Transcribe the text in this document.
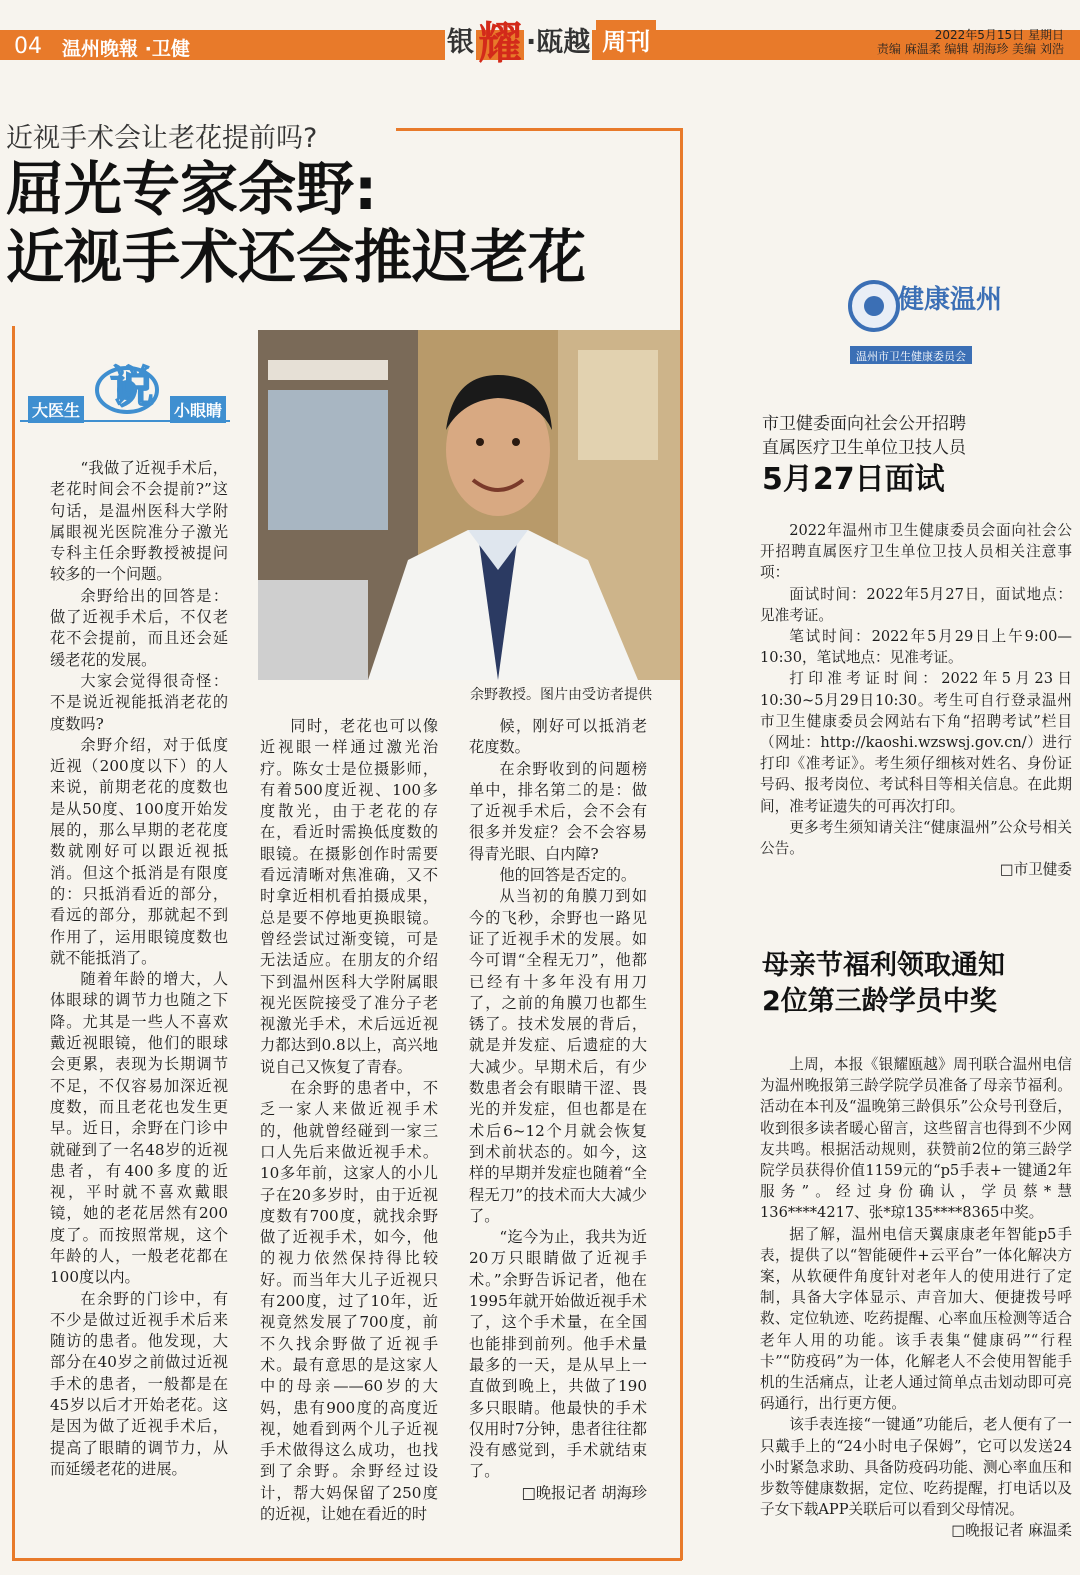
04 温州晚報 ·卫健	银 耀 ·瓯越 周刊	2022年5月15日 星期日
责编 麻温柔 编辑 胡海珍 美编 刘浩
近视手术会让老花提前吗?
屈光专家余野:
近视手术还会推迟老花
说
大医生	小眼睛
余野教授。图片由受访者提供

“我做了近视手术后，老花时间会不会提前?”这句话，是温州医科大学附属眼视光医院准分子激光专科主任余野教授被提问较多的一个问题。

余野给出的回答是：做了近视手术后，不仅老花不会提前，而且还会延缓老花的发展。

大家会觉得很奇怪：不是说近视能抵消老花的度数吗?

余野介绍，对于低度近视（200度以下）的人来说，前期老花的度数也是从50度、100度开始发展的，那么早期的老花度数就刚好可以跟近视抵消。但这个抵消是有限度的：只抵消看近的部分，看远的部分，那就起不到作用了，运用眼镜度数也就不能抵消了。

随着年龄的增大，人体眼球的调节力也随之下降。尤其是一些人不喜欢戴近视眼镜，他们的眼球会更累，表现为长期调节不足，不仅容易加深近视度数，而且老花也发生更早。近日，余野在门诊中就碰到了一名48岁的近视患者，有400多度的近视，平时就不喜欢戴眼镜，她的老花居然有200度了。而按照常规，这个年龄的人，一般老花都在100度以内。

在余野的门诊中，有不少是做过近视手术后来随访的患者。他发现，大部分在40岁之前做过近视手术的患者，一般都是在45岁以后才开始老花。这是因为做了近视手术后，提高了眼睛的调节力，从而延缓老花的进展。

同时，老花也可以像近视眼一样通过激光治疗。陈女士是位摄影师，有着500度近视、100多度散光，由于老花的存在，看近时需换低度数的眼镜。在摄影创作时需要看远清晰对焦准确，又不时拿近相机看拍摄成果，总是要不停地更换眼镜。曾经尝试过渐变镜，可是无法适应。在朋友的介绍下到温州医科大学附属眼视光医院接受了准分子老视激光手术，术后远近视力都达到0.8以上，高兴地说自己又恢复了青春。

在余野的患者中，不乏一家人来做近视手术的，他就曾经碰到一家三口人先后来做近视手术。10多年前，这家人的小儿子在20多岁时，由于近视度数有700度，就找余野做了近视手术，如今，他的视力依然保持得比较好。而当年大儿子近视只有200度，过了10年，近视竟然发展了700度，前不久找余野做了近视手术。最有意思的是这家人中的母亲——60岁的大妈，患有900度的高度近视，她看到两个儿子近视手术做得这么成功，也找到了余野。余野经过设计，帮大妈保留了250度的近视，让她在看近的时

候，刚好可以抵消老花度数。

在余野收到的问题榜单中，排名第二的是：做了近视手术后，会不会有很多并发症？会不会容易得青光眼、白内障?

他的回答是否定的。

从当初的角膜刀到如今的飞秒，余野也一路见证了近视手术的发展。如今可谓“全程无刀”，他都已经有十多年没有用刀了，之前的角膜刀也都生锈了。技术发展的背后，就是并发症、后遗症的大大减少。早期术后，有少数患者会有眼睛干涩、畏光的并发症，但也都是在术后6~12个月就会恢复到术前状态的。如今，这样的早期并发症也随着“全程无刀”的技术而大大减少了。

“迄今为止，我共为近20万只眼睛做了近视手术。”余野告诉记者，他在1995年就开始做近视手术了，这个手术量，在全国也能排到前列。他手术量最多的一天，是从早上一直做到晚上，共做了190多只眼睛。他最快的手术仅用时7分钟，患者往往都没有感觉到，手术就结束了。

□晚报记者 胡海珍

健康温州
温州市卫生健康委员会
市卫健委面向社会公开招聘
直属医疗卫生单位卫技人员
5月27日面试

2022年温州市卫生健康委员会面向社会公开招聘直属医疗卫生单位卫技人员相关注意事项：

面试时间：2022年5月27日，面试地点：见准考证。

笔试时间：2022年5月29日上午9:00—10:30，笔试地点：见准考证。

打印准考证时间：2022年5月23日10:30~5月29日10:30。考生可自行登录温州市卫生健康委员会网站右下角“招聘考试”栏目（网址：http://kaoshi.wzswsj.gov.cn/）进行打印《准考证》。考生须仔细核对姓名、身份证号码、报考岗位、考试科目等相关信息。在此期间，准考证遗失的可再次打印。

更多考生须知请关注“健康温州”公众号相关公告。

□市卫健委

母亲节福利领取通知
2位第三龄学员中奖

上周，本报《银耀瓯越》周刊联合温州电信为温州晚报第三龄学院学员准备了母亲节福利。活动在本刊及“温晚第三龄俱乐”公众号刊登后，收到很多读者暖心留言，这些留言也得到不少网友共鸣。根据活动规则，获赞前2位的第三龄学院学员获得价值1159元的“p5手表+一键通2年服务”。经过身份确认，学员蔡*慧136****4217、张*琼135****8365中奖。

据了解，温州电信天翼康康老年智能p5手表，提供了以“智能硬件+云平台”一体化解决方案，从软硬件角度针对老年人的使用进行了定制，具备大字体显示、声音加大、便捷拨号呼救、定位轨迹、吃药提醒、心率血压检测等适合老年人用的功能。该手表集“健康码”“行程卡”“防疫码”为一体，化解老人不会使用智能手机的生活痛点，让老人通过简单点击划动即可亮码通行，出行更方便。

该手表连接“一键通”功能后，老人便有了一只戴手上的“24小时电子保姆”，它可以发送24小时紧急求助、具备防疫码功能、测心率血压和步数等健康数据，定位、吃药提醒，打电话以及子女下载APP关联后可以看到父母情况。

□晚报记者 麻温柔
